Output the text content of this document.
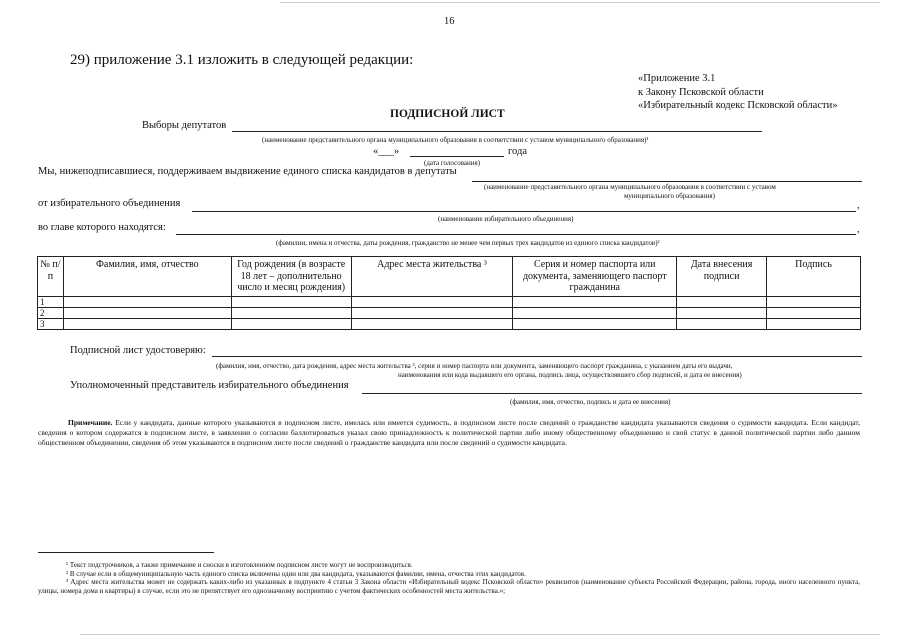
16
29) приложение 3.1 изложить в следующей редакции:
«Приложение 3.1
к Закону Псковской области
«Избирательный кодекс Псковской области»
ПОДПИСНОЙ ЛИСТ
Выборы депутатов
(наименование представительного органа муниципального образования в соответствии с уставом муниципального образования)¹
«___»	года
(дата голосования)
Мы, нижеподписавшиеся, поддерживаем выдвижение единого списка кандидатов в депутаты
(наименование представительного органа муниципального образования в соответствии с уставом
муниципального образования)
от избирательного объединения	,
(наименование избирательного объединения)
во главе которого находятся:	,
(фамилии, имена и отчества, даты рождения, гражданство не менее чем первых трех кандидатов из единого списка кандидатов)²
№ п/п	Фамилия, имя, отчество	Год рождения (в возрасте 18 лет – дополнительно число и месяц рождения)	Адрес места жительства ³	Серия и номер паспорта или документа, заменяющего паспорт гражданина	Дата внесения подписи	Подпись
1						
2						
3						
Подписной лист удостоверяю:
(фамилия, имя, отчество, дата рождения, адрес места жительства ³, серия и номер паспорта или документа, заменяющего паспорт гражданина, с указанием даты его выдачи,
наименования или кода выдавшего его органа, подпись лица, осуществлявшего сбор подписей, и дата ее внесения)
Уполномоченный представитель избирательного объединения
(фамилия, имя, отчество, подпись и дата ее внесения)
Примечание. Если у кандидата, данные которого указываются в подписном листе, имелась или имеется судимость, в подписном листе после сведений о гражданстве кандидата указываются сведения о судимости кандидата. Если кандидат, сведения о котором содержатся в подписном листе, в заявлении о согласии баллотироваться указал свою принадлежность к политической партии либо иному общественному объединению и свой статус в данной политической партии либо данном общественном объединении, сведения об этом указываются в подписном листе после сведений о гражданстве кандидата или после сведений о судимости кандидата.
¹ Текст подстрочников, а также примечание и сноски в изготовленном подписном листе могут не воспроизводиться.
² В случае если в общемуниципальную часть единого списка включены один или два кандидата, указываются фамилии, имена, отчества этих кандидатов.
³ Адрес места жительства может не содержать каких-либо из указанных в подпункте 4 статьи 3 Закона области «Избирательный кодекс Псковской области» реквизитов (наименование субъекта Российской Федерации, района, города, иного населенного пункта, улицы, номера дома и квартиры) в случае, если это не препятствует его однозначному восприятию с учетом фактических особенностей места жительства.»;
